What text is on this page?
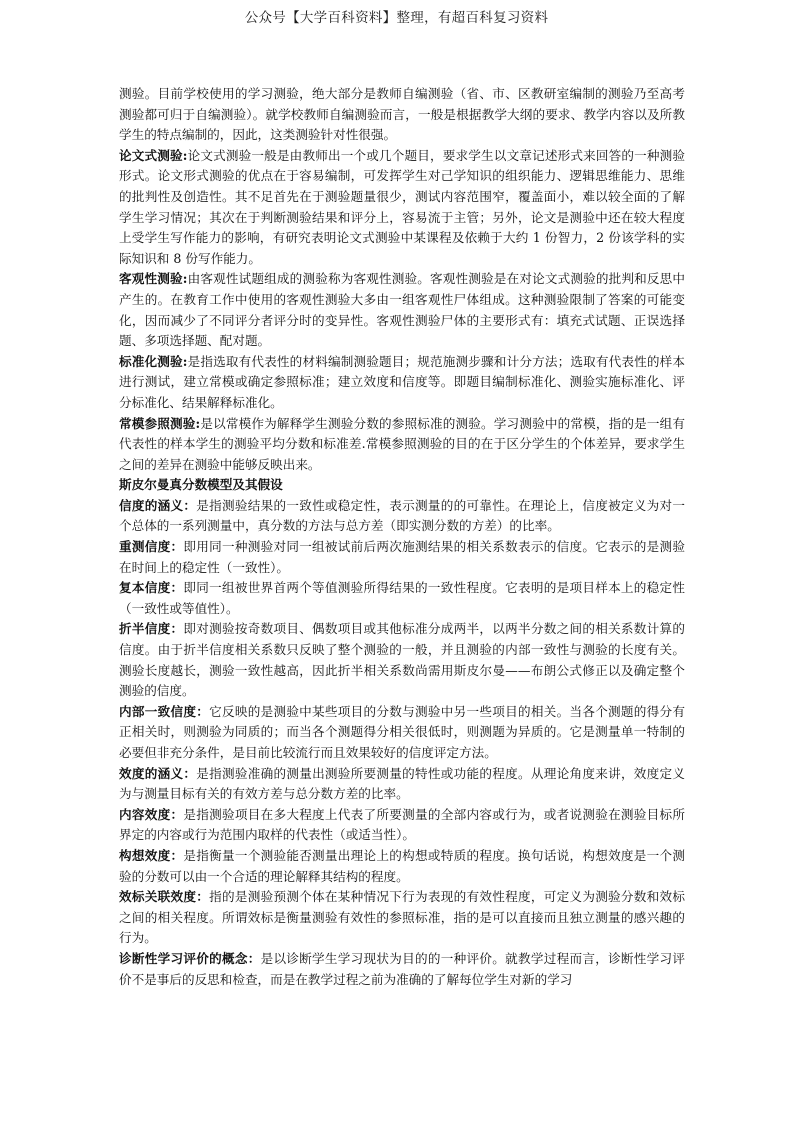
公众号【大学百科资料】整理，有超百科复习资料

测验。目前学校使用的学习测验，绝大部分是教师自编测验（省、市、区教研室编制的测验乃至高考测验都可归于自编测验）。就学校教师自编测验而言，一般是根据教学大纲的要求、教学内容以及所教学生的特点编制的，因此，这类测验针对性很强。

论文式测验:论文式测验一般是由教师出一个或几个题目，要求学生以文章记述形式来回答的一种测验形式。论文形式测验的优点在于容易编制，可发挥学生对己学知识的组织能力、逻辑思维能力、思维的批判性及创造性。其不足首先在于测验题量很少，测试内容范围窄，覆盖面小，难以较全面的了解学生学习情况；其次在于判断测验结果和评分上，容易流于主管；另外，论文是测验中还在较大程度上受学生写作能力的影响，有研究表明论文式测验中某课程及依赖于大约 1 份智力，2 份该学科的实际知识和 8 份写作能力。

客观性测验:由客观性试题组成的测验称为客观性测验。客观性测验是在对论文式测验的批判和反思中产生的。在教育工作中使用的客观性测验大多由一组客观性尸体组成。这种测验限制了答案的可能变化，因而减少了不同评分者评分时的变异性。客观性测验尸体的主要形式有：填充式试题、正误选择题、多项选择题、配对题。

标准化测验:是指选取有代表性的材料编制测验题目；规范施测步骤和计分方法；选取有代表性的样本进行测试，建立常模或确定参照标准；建立效度和信度等。即题目编制标准化、测验实施标准化、评分标准化、结果解释标准化。

常模参照测验:是以常模作为解释学生测验分数的参照标准的测验。学习测验中的常模，指的是一组有代表性的样本学生的测验平均分数和标准差.常模参照测验的目的在于区分学生的个体差异，要求学生之间的差异在测验中能够反映出来。

斯皮尔曼真分数模型及其假设

信度的涵义：是指测验结果的一致性或稳定性，表示测量的的可靠性。在理论上，信度被定义为对一个总体的一系列测量中，真分数的方法与总方差（即实测分数的方差）的比率。

重测信度：即用同一种测验对同一组被试前后两次施测结果的相关系数表示的信度。它表示的是测验在时间上的稳定性（一致性）。

复本信度：即同一组被世界首两个等值测验所得结果的一致性程度。它表明的是项目样本上的稳定性（一致性或等值性）。

折半信度：即对测验按奇数项目、偶数项目或其他标准分成两半，以两半分数之间的相关系数计算的信度。由于折半信度相关系数只反映了整个测验的一般，并且测验的内部一致性与测验的长度有关。测验长度越长，测验一致性越高，因此折半相关系数尚需用斯皮尔曼——布朗公式修正以及确定整个测验的信度。

内部一致信度：它反映的是测验中某些项目的分数与测验中另一些项目的相关。当各个测题的得分有正相关时，则测验为同质的；而当各个测题得分相关很低时，则测题为异质的。它是测量单一特制的必要但非充分条件，是目前比较流行而且效果较好的信度评定方法。

效度的涵义：是指测验准确的测量出测验所要测量的特性或功能的程度。从理论角度来讲，效度定义为与测量目标有关的有效方差与总分数方差的比率。

内容效度：是指测验项目在多大程度上代表了所要测量的全部内容或行为，或者说测验在测验目标所界定的内容或行为范围内取样的代表性（或适当性）。

构想效度：是指衡量一个测验能否测量出理论上的构想或特质的程度。换句话说，构想效度是一个测验的分数可以由一个合适的理论解释其结构的程度。

效标关联效度：指的是测验预测个体在某种情况下行为表现的有效性程度，可定义为测验分数和效标之间的相关程度。所谓效标是衡量测验有效性的参照标准，指的是可以直接而且独立测量的感兴趣的行为。

诊断性学习评价的概念：是以诊断学生学习现状为目的的一种评价。就教学过程而言，诊断性学习评价不是事后的反思和检查，而是在教学过程之前为准确的了解每位学生对新的学习
